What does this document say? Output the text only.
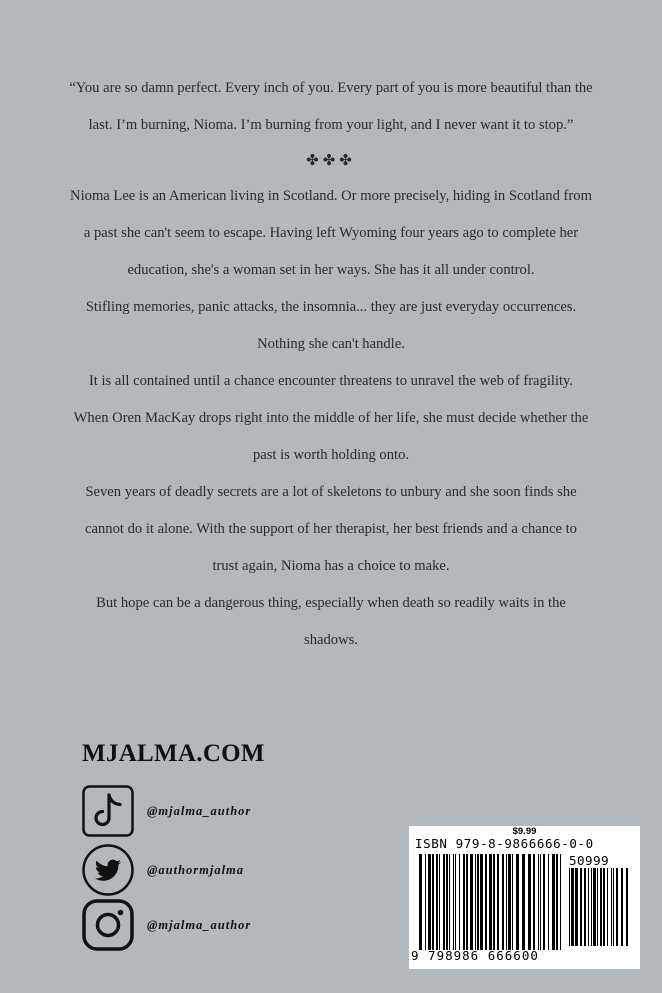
“You are so damn perfect. Every inch of you. Every part of you is more beautiful than the

last. I’m burning, Nioma. I’m burning from your light, and I never want it to stop.”

✤✤✤

Nioma Lee is an American living in Scotland. Or more precisely, hiding in Scotland from

a past she can't seem to escape. Having left Wyoming four years ago to complete her

education, she's a woman set in her ways. She has it all under control.

Stifling memories, panic attacks, the insomnia... they are just everyday occurrences.

Nothing she can't handle.

It is all contained until a chance encounter threatens to unravel the web of fragility.

When Oren MacKay drops right into the middle of her life, she must decide whether the

past is worth holding onto.

Seven years of deadly secrets are a lot of skeletons to unbury and she soon finds she

cannot do it alone. With the support of her therapist, her best friends and a chance to

trust again, Nioma has a choice to make.

But hope can be a dangerous thing, especially when death so readily waits in the

shadows.

MJALMA.COM
@mjalma_author
@authormjalma
@mjalma_author
$9.99
ISBN 979-8-9866666-0-0
50999
9 798986 666600
